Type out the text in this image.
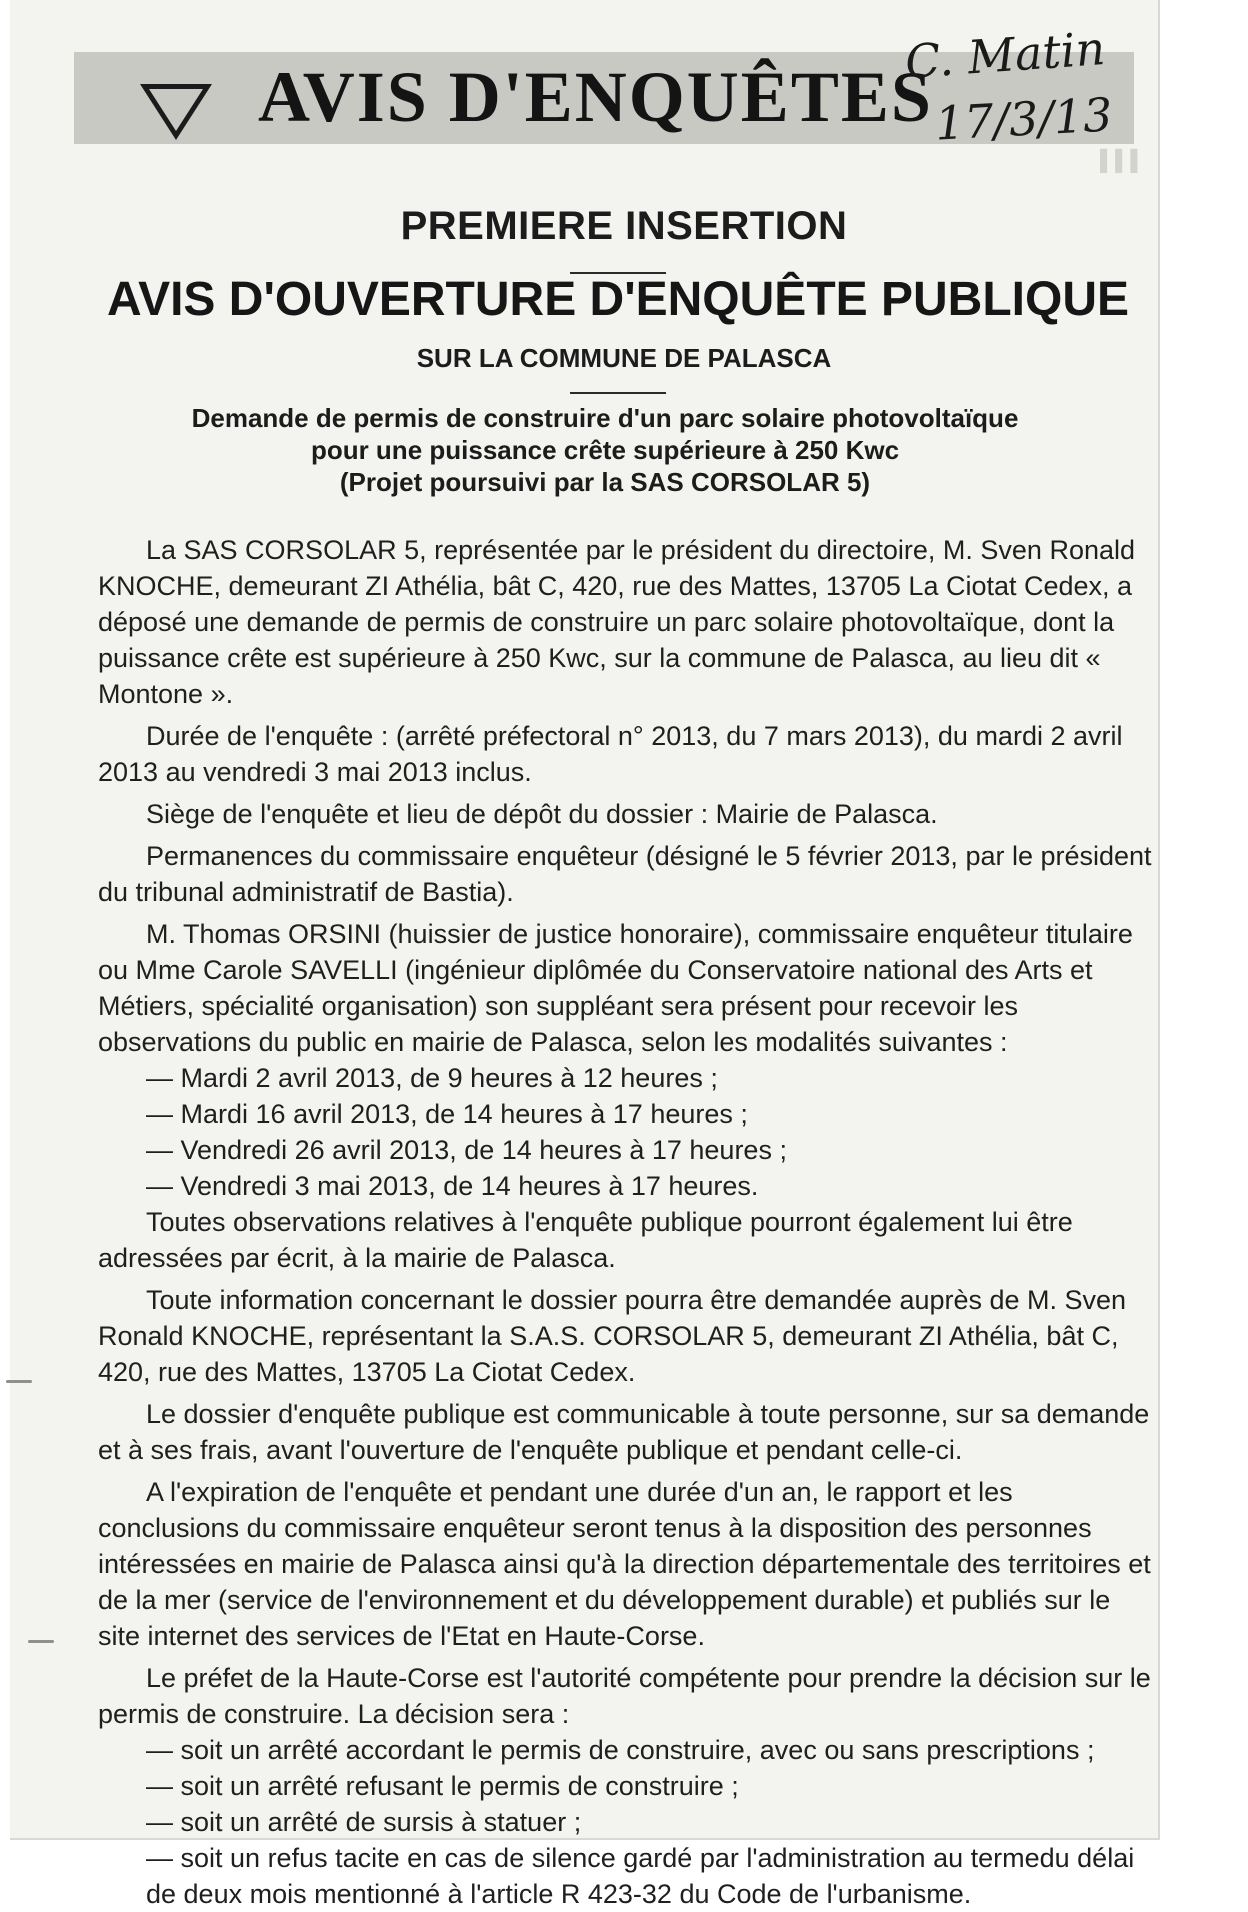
▌▌▌
AVIS D'ENQUÊTES
C. Matin
17/3/13
PREMIERE INSERTION
AVIS D'OUVERTURE D'ENQUÊTE PUBLIQUE
SUR LA COMMUNE DE PALASCA
Demande de permis de construire d'un parc solaire photovoltaïque
pour une puissance crête supérieure à 250 Kwc
(Projet poursuivi par la SAS CORSOLAR 5)

La SAS CORSOLAR 5, représentée par le président du directoire, M. Sven Ronald KNOCHE, demeurant ZI Athélia, bât C, 420, rue des Mattes, 13705 La Ciotat Cedex, a déposé une demande de permis de construire un parc solaire photovoltaïque, dont la puissance crête est supérieure à 250 Kwc, sur la commune de Palasca, au lieu dit « Montone ».

Durée de l'enquête : (arrêté préfectoral n° 2013, du 7 mars 2013), du mardi 2 avril 2013 au vendredi 3 mai 2013 inclus.

Siège de l'enquête et lieu de dépôt du dossier : Mairie de Palasca.

Permanences du commissaire enquêteur (désigné le 5 février 2013, par le président du tribunal administratif de Bastia).

M. Thomas ORSINI (huissier de justice honoraire), commissaire enquêteur titulaire ou Mme Carole SAVELLI (ingénieur diplômée du Conservatoire national des Arts et Métiers, spécialité organisation) son suppléant sera présent pour recevoir les observations du public en mairie de Palasca, selon les modalités suivantes :

— Mardi 2 avril 2013, de 9 heures à 12 heures ;
— Mardi 16 avril 2013, de 14 heures à 17 heures ;
— Vendredi 26 avril 2013, de 14 heures à 17 heures ;
— Vendredi 3 mai 2013, de 14 heures à 17 heures.

Toutes observations relatives à l'enquête publique pourront également lui être adressées par écrit, à la mairie de Palasca.

Toute information concernant le dossier pourra être demandée auprès de M. Sven Ronald KNOCHE, représentant la S.A.S. CORSOLAR 5, demeurant ZI Athélia, bât C, 420, rue des Mattes, 13705 La Ciotat Cedex.

Le dossier d'enquête publique est communicable à toute personne, sur sa demande et à ses frais, avant l'ouverture de l'enquête publique et pendant celle-ci.

A l'expiration de l'enquête et pendant une durée d'un an, le rapport et les conclusions du commissaire enquêteur seront tenus à la disposition des personnes intéressées en mairie de Palasca ainsi qu'à la direction départementale des territoires et de la mer (service de l'environnement et du développement durable) et publiés sur le site internet des services de l'Etat en Haute-Corse.

Le préfet de la Haute-Corse est l'autorité compétente pour prendre la décision sur le permis de construire. La décision sera :

— soit un arrêté accordant le permis de construire, avec ou sans prescriptions ;
— soit un arrêté refusant le permis de construire ;
— soit un arrêté de sursis à statuer ;
— soit un refus tacite en cas de silence gardé par l'administration au termedu délai de deux mois mentionné à l'article R 423-32 du Code de l'urbanisme.
